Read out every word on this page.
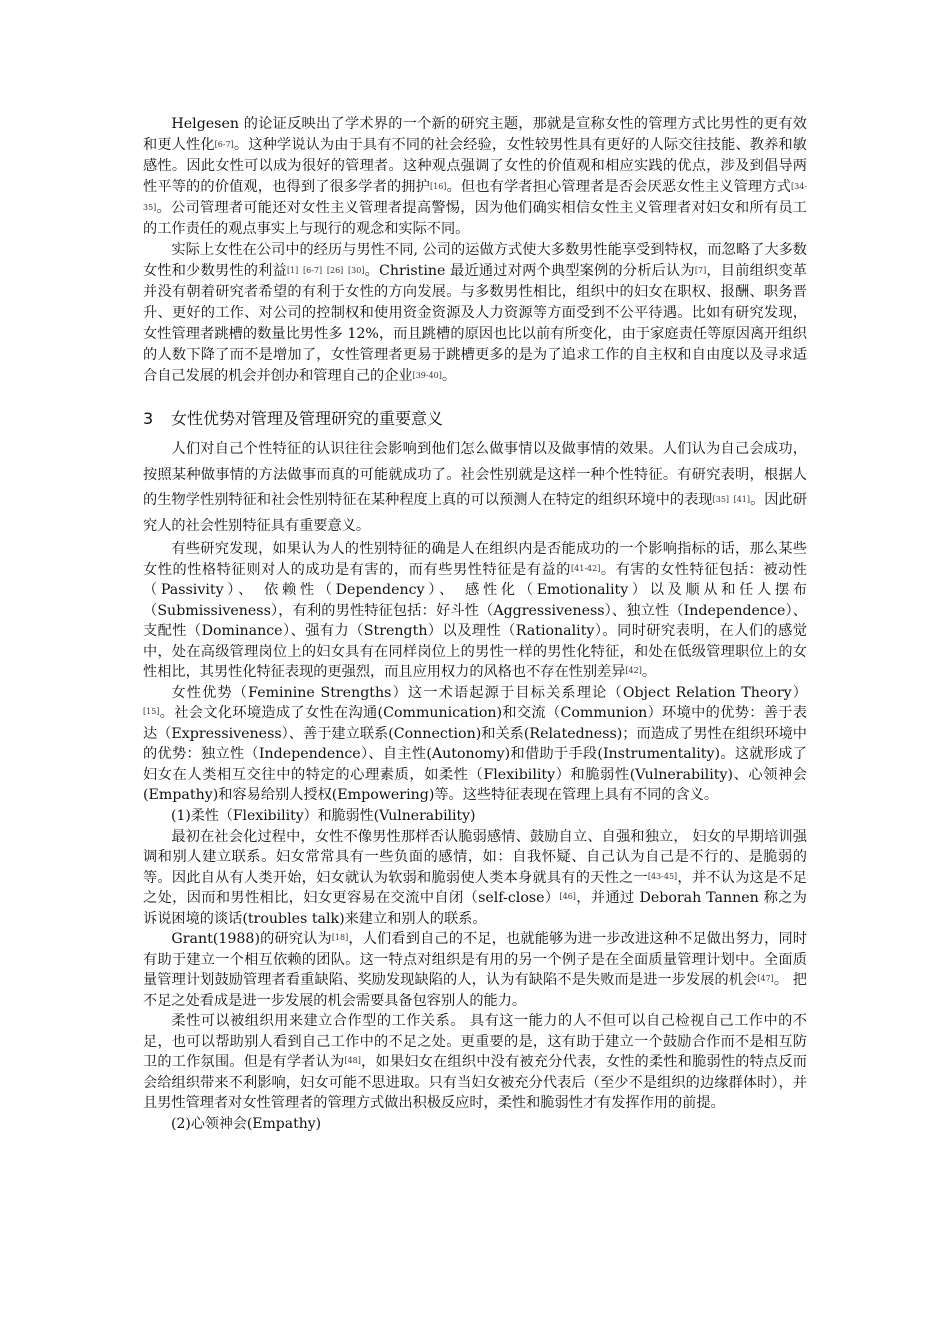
Helgesen 的论证反映出了学术界的一个新的研究主题，那就是宣称女性的管理方式比男性的更有效和更人性化[6-7]。这种学说认为由于具有不同的社会经验，女性较男性具有更好的人际交往技能、教养和敏感性。因此女性可以成为很好的管理者。这种观点强调了女性的价值观和相应实践的优点，涉及到倡导两性平等的的价值观，也得到了很多学者的拥护[16]。但也有学者担心管理者是否会厌恶女性主义管理方式[34-35]。公司管理者可能还对女性主义管理者提高警惕，因为他们确实相信女性主义管理者对妇女和所有员工的工作责任的观点事实上与现行的观念和实际不同。

实际上女性在公司中的经历与男性不同, 公司的运做方式使大多数男性能享受到特权，而忽略了大多数女性和少数男性的利益[1] [6-7] [26] [30]。Christine 最近通过对两个典型案例的分析后认为[7]，目前组织变革并没有朝着研究者希望的有利于女性的方向发展。与多数男性相比，组织中的妇女在职权、报酬、职务晋升、更好的工作、对公司的控制权和使用资金资源及人力资源等方面受到不公平待遇。比如有研究发现，女性管理者跳槽的数量比男性多 12%，而且跳槽的原因也比以前有所变化，由于家庭责任等原因离开组织的人数下降了而不是增加了，女性管理者更易于跳槽更多的是为了追求工作的自主权和自由度以及寻求适合自己发展的机会并创办和管理自己的企业[39-40]。

3 女性优势对管理及管理研究的重要意义

人们对自己个性特征的认识往往会影响到他们怎么做事情以及做事情的效果。人们认为自己会成功，按照某种做事情的方法做事而真的可能就成功了。社会性别就是这样一种个性特征。有研究表明，根据人的生物学性别特征和社会性别特征在某种程度上真的可以预测人在特定的组织环境中的表现[35] [41]。因此研究人的社会性别特征具有重要意义。

有些研究发现，如果认为人的性别特征的确是人在组织内是否能成功的一个影响指标的话，那么某些女性的性格特征则对人的成功是有害的，而有些男性特征是有益的[41-42]。有害的女性特征包括：被动性（Passivity）、 依赖性（Dependency）、 感性化（Emotionality）以及顺从和任人摆布（Submissiveness），有利的男性特征包括：好斗性（Aggressiveness）、独立性（Independence）、 支配性（Dominance）、强有力（Strength）以及理性（Rationality）。同时研究表明，在人们的感觉中，处在高级管理岗位上的妇女具有在同样岗位上的男性一样的男性化特征，和处在低级管理职位上的女性相比，其男性化特征表现的更强烈，而且应用权力的风格也不存在性别差异[42]。

女性优势（Feminine Strengths）这一术语起源于目标关系理论（Object Relation Theory）[15]。社会文化环境造成了女性在沟通(Communication)和交流（Communion）环境中的优势：善于表达（Expressiveness）、善于建立联系(Connection)和关系(Relatedness)；而造成了男性在组织环境中的优势：独立性（Independence）、自主性(Autonomy)和借助于手段(Instrumentality)。这就形成了妇女在人类相互交往中的特定的心理素质，如柔性（Flexibility）和脆弱性(Vulnerability)、心领神会(Empathy)和容易给别人授权(Empowering)等。这些特征表现在管理上具有不同的含义。

(1)柔性（Flexibility）和脆弱性(Vulnerability)

最初在社会化过程中，女性不像男性那样否认脆弱感情、鼓励自立、自强和独立， 妇女的早期培训强调和别人建立联系。妇女常常具有一些负面的感情，如：自我怀疑、自己认为自己是不行的、是脆弱的等。因此自从有人类开始，妇女就认为软弱和脆弱使人类本身就具有的天性之一[43-45]，并不认为这是不足之处，因而和男性相比，妇女更容易在交流中自闭（self-close）[46]，并通过 Deborah Tannen 称之为诉说困境的谈话(troubles talk)来建立和别人的联系。

Grant(1988)的研究认为[18]，人们看到自己的不足，也就能够为进一步改进这种不足做出努力，同时有助于建立一个相互依赖的团队。这一特点对组织是有用的另一个例子是在全面质量管理计划中。全面质量管理计划鼓励管理者看重缺陷、奖励发现缺陷的人，认为有缺陷不是失败而是进一步发展的机会[47]。 把不足之处看成是进一步发展的机会需要具备包容别人的能力。

柔性可以被组织用来建立合作型的工作关系。 具有这一能力的人不但可以自己检视自己工作中的不足，也可以帮助别人看到自己工作中的不足之处。更重要的是，这有助于建立一个鼓励合作而不是相互防卫的工作氛围。但是有学者认为[48]，如果妇女在组织中没有被充分代表，女性的柔性和脆弱性的特点反而会给组织带来不利影响，妇女可能不思进取。只有当妇女被充分代表后（至少不是组织的边缘群体时），并且男性管理者对女性管理者的管理方式做出积极反应时，柔性和脆弱性才有发挥作用的前提。

(2)心领神会(Empathy)
